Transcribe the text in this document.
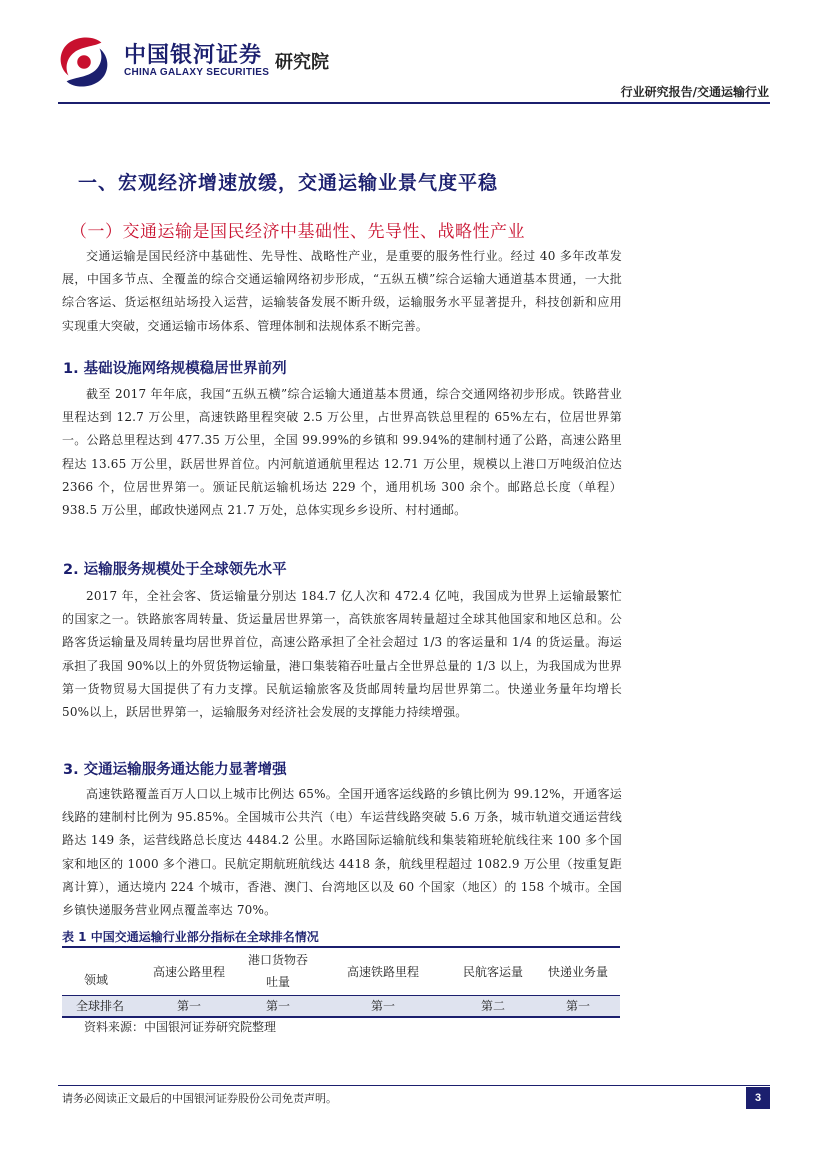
中国银河证券
CHINA GALAXY SECURITIES 研究院
行业研究报告/交通运输行业
一、宏观经济增速放缓，交通运输业景气度平稳
（一）交通运输是国民经济中基础性、先导性、战略性产业
交通运输是国民经济中基础性、先导性、战略性产业，是重要的服务性行业。经过 40 多年改革发展，中国多节点、全覆盖的综合交通运输网络初步形成，“五纵五横”综合运输大通道基本贯通，一大批综合客运、货运枢纽站场投入运营，运输装备发展不断升级，运输服务水平显著提升，科技创新和应用实现重大突破，交通运输市场体系、管理体制和法规体系不断完善。
1. 基础设施网络规模稳居世界前列
截至 2017 年年底，我国“五纵五横”综合运输大通道基本贯通，综合交通网络初步形成。铁路营业里程达到 12.7 万公里，高速铁路里程突破 2.5 万公里，占世界高铁总里程的 65%左右，位居世界第一。公路总里程达到 477.35 万公里，全国 99.99%的乡镇和 99.94%的建制村通了公路，高速公路里程达 13.65 万公里，跃居世界首位。内河航道通航里程达 12.71 万公里，规模以上港口万吨级泊位达 2366 个，位居世界第一。颁证民航运输机场达 229 个，通用机场 300 余个。邮路总长度（单程）938.5 万公里，邮政快递网点 21.7 万处，总体实现乡乡设所、村村通邮。
2. 运输服务规模处于全球领先水平
2017 年，全社会客、货运输量分别达 184.7 亿人次和 472.4 亿吨，我国成为世界上运输最繁忙的国家之一。铁路旅客周转量、货运量居世界第一，高铁旅客周转量超过全球其他国家和地区总和。公路客货运输量及周转量均居世界首位，高速公路承担了全社会超过 1/3 的客运量和 1/4 的货运量。海运承担了我国 90%以上的外贸货物运输量，港口集装箱吞吐量占全世界总量的 1/3 以上，为我国成为世界第一货物贸易大国提供了有力支撑。民航运输旅客及货邮周转量均居世界第二。快递业务量年均增长 50%以上，跃居世界第一，运输服务对经济社会发展的支撑能力持续增强。
3. 交通运输服务通达能力显著增强
高速铁路覆盖百万人口以上城市比例达 65%。全国开通客运线路的乡镇比例为 99.12%，开通客运线路的建制村比例为 95.85%。全国城市公共汽（电）车运营线路突破 5.6 万条，城市轨道交通运营线路达 149 条，运营线路总长度达 4484.2 公里。水路国际运输航线和集装箱班轮航线往来 100 多个国家和地区的 1000 多个港口。民航定期航班航线达 4418 条，航线里程超过 1082.9 万公里（按重复距离计算），通达境内 224 个城市，香港、澳门、台湾地区以及 60 个国家（地区）的 158 个城市。全国乡镇快递服务营业网点覆盖率达 70%。
表 1 中国交通运输行业部分指标在全球排名情况
领域	高速公路里程	港口货物吞吐量	高速铁路里程	民航客运量	快递业务量
全球排名	第一	第一	第一	第二	第一
资料来源：中国银河证券研究院整理
请务必阅读正文最后的中国银河证券股份公司免责声明。	3
